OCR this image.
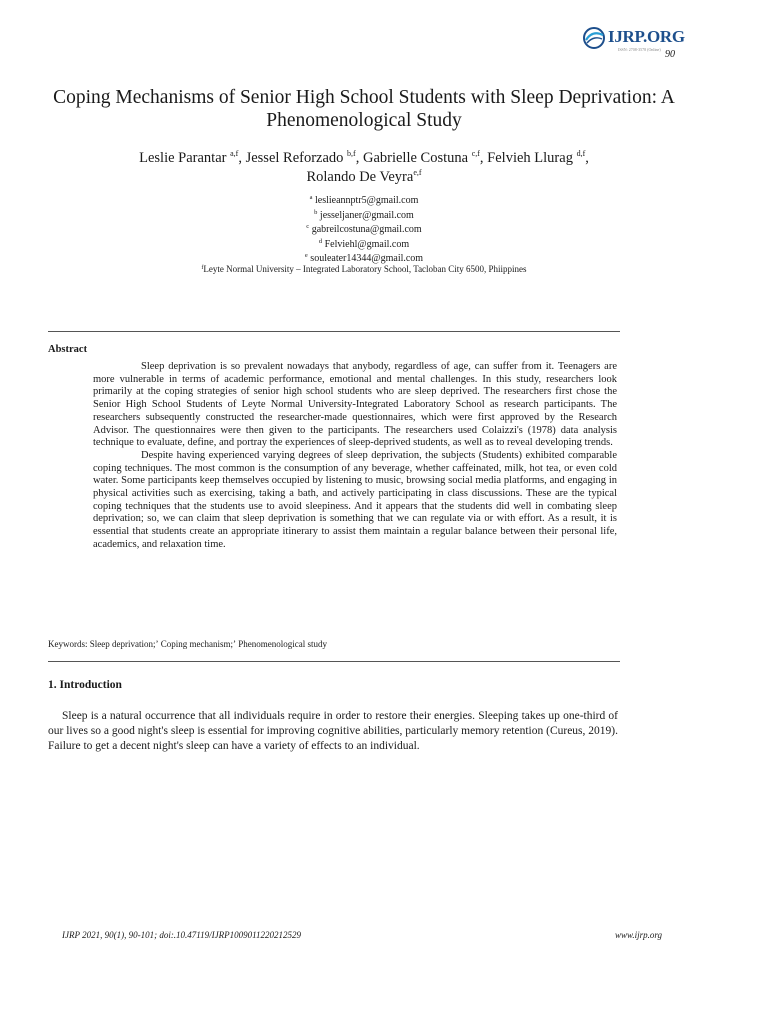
IJRP.ORG
ISSN: 2708-3578 (Online) 90
Coping Mechanisms of Senior High School Students with Sleep Deprivation: A Phenomenological Study
Leslie Parantar $^{a,f}$, Jessel Reforzado $^{b,f}$, Gabrielle Costuna $^{c,f}$, Felvieh Llurag $^{d,f}$,
Rolando De Veyra$^{e,f}$
$^a$ leslieannptr5@gmail.com
$^b$ jesseljaner@gmail.com
$^c$ gabreilcostuna@gmail.com
$^d$ Felviehl@gmail.com
$^e$ souleater14344@gmail.com
$^f$Leyte Normal University – Integrated Laboratory School, Tacloban City 6500, Phiippines
Abstract

Sleep deprivation is so prevalent nowadays that anybody, regardless of age, can suffer from it. Teenagers are more vulnerable in terms of academic performance, emotional and mental challenges. In this study, researchers look primarily at the coping strategies of senior high school students who are sleep deprived. The researchers first chose the Senior High School Students of Leyte Normal University-Integrated Laboratory School as research participants. The researchers subsequently constructed the researcher-made questionnaires, which were first approved by the Research Advisor. The questionnaires were then given to the participants. The researchers used Colaizzi's (1978) data analysis technique to evaluate, define, and portray the experiences of sleep-deprived students, as well as to reveal developing trends.

Despite having experienced varying degrees of sleep deprivation, the subjects (Students) exhibited comparable coping techniques. The most common is the consumption of any beverage, whether caffeinated, milk, hot tea, or even cold water. Some participants keep themselves occupied by listening to music, browsing social media platforms, and engaging in physical activities such as exercising, taking a bath, and actively participating in class discussions. These are the typical coping techniques that the students use to avoid sleepiness. And it appears that the students did well in combating sleep deprivation; so, we can claim that sleep deprivation is something that we can regulate via or with effort. As a result, it is essential that students create an appropriate itinerary to assist them maintain a regular balance between their personal life, academics, and relaxation time.

Keywords: Sleep deprivation;ʼ Coping mechanism;ʼ Phenomenological study
1. Introduction

Sleep is a natural occurrence that all individuals require in order to restore their energies. Sleeping takes up one-third of our lives so a good night's sleep is essential for improving cognitive abilities, particularly memory retention (Cureus, 2019). Failure to get a decent night's sleep can have a variety of effects to an individual.

IJRP 2021, 90(1), 90-101; doi:.10.47119/IJRP1009011220212529	www.ijrp.org
